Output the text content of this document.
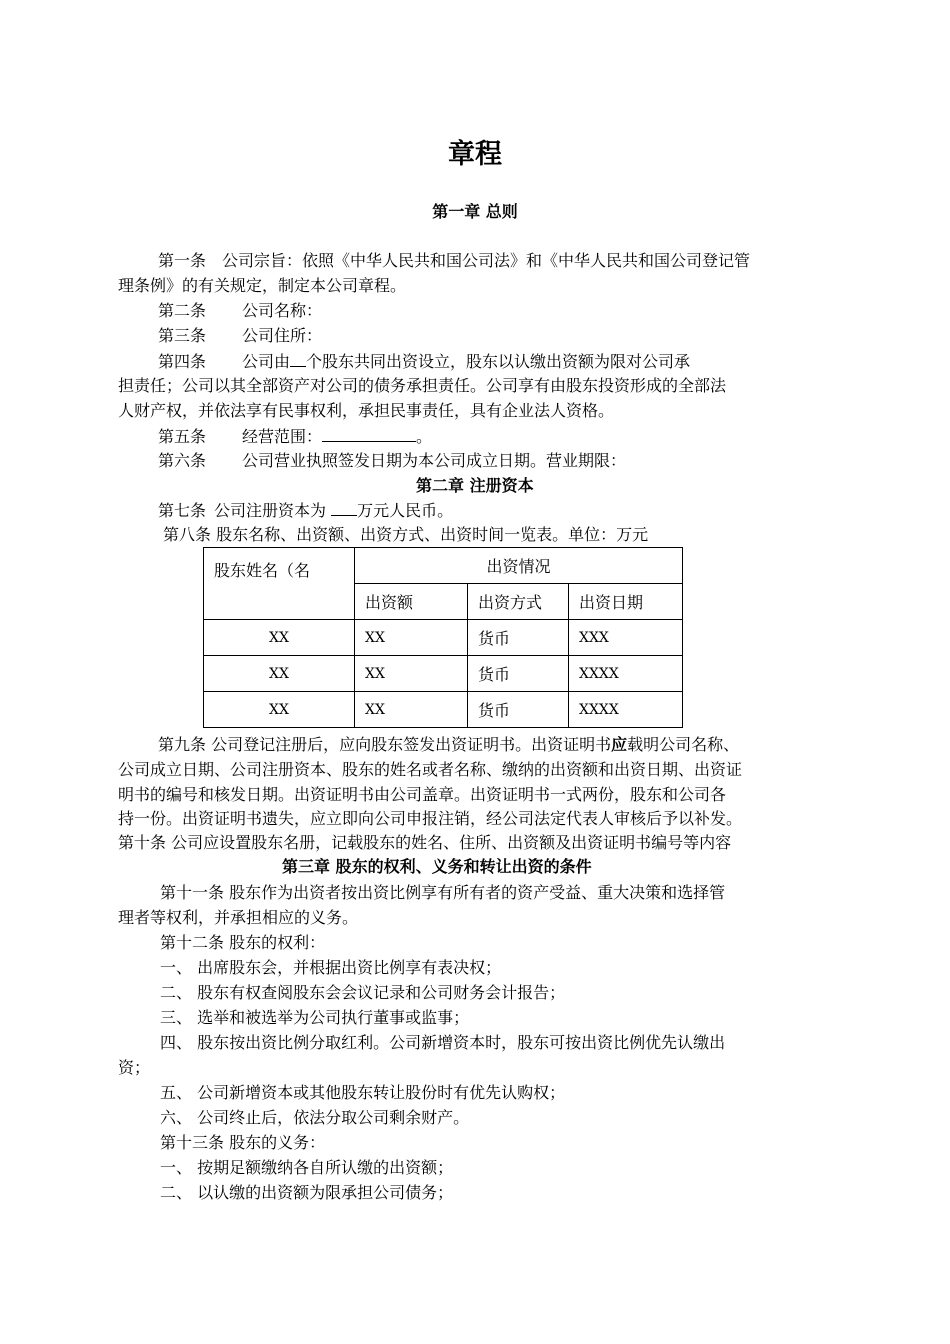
章程
第一章 总则
第一条 公司宗旨：依照《中华人民共和国公司法》和《中华人民共和国公司登记管
理条例》的有关规定，制定本公司章程。
第二条 公司名称：
第三条 公司住所：
第四条 公司由 个股东共同出资设立，股东以认缴出资额为限对公司承
担责任；公司以其全部资产对公司的债务承担责任。公司享有由股东投资形成的全部法
人财产权，并依法享有民事权利，承担民事责任，具有企业法人资格。
第五条 经营范围：	。
第六条 公司营业执照签发日期为本公司成立日期。营业期限：
第二章 注册资本
第七条 公司注册资本为 万元人民币。
第八条 股东名称、出资额、出资方式、出资时间一览表。单位：万元
股东姓名（名	出资情况		
	出资额	出资方式	出资日期
XX	XX	货币	XXX
XX	XX	货币	XXXX
XX	XX	货币	XXXX
第九条 公司登记注册后，应向股东签发出资证明书。出资证明书应载明公司名称、
公司成立日期、公司注册资本、股东的姓名或者名称、缴纳的出资额和出资日期、出资证
明书的编号和核发日期。出资证明书由公司盖章。出资证明书一式两份，股东和公司各
持一份。出资证明书遗失，应立即向公司申报注销，经公司法定代表人审核后予以补发。
第十条 公司应设置股东名册，记载股东的姓名、住所、出资额及出资证明书编号等内容
第三章 股东的权利、义务和转让出资的条件
第十一条 股东作为出资者按出资比例享有所有者的资产受益、重大决策和选择管
理者等权利，并承担相应的义务。
第十二条 股东的权利：
一、 出席股东会，并根据出资比例享有表决权；
二、 股东有权查阅股东会会议记录和公司财务会计报告；
三、 选举和被选举为公司执行董事或监事；
四、 股东按出资比例分取红利。公司新增资本时，股东可按出资比例优先认缴出
资；
五、 公司新增资本或其他股东转让股份时有优先认购权；
六、 公司终止后，依法分取公司剩余财产。
第十三条 股东的义务：
一、 按期足额缴纳各自所认缴的出资额；
二、 以认缴的出资额为限承担公司债务；
